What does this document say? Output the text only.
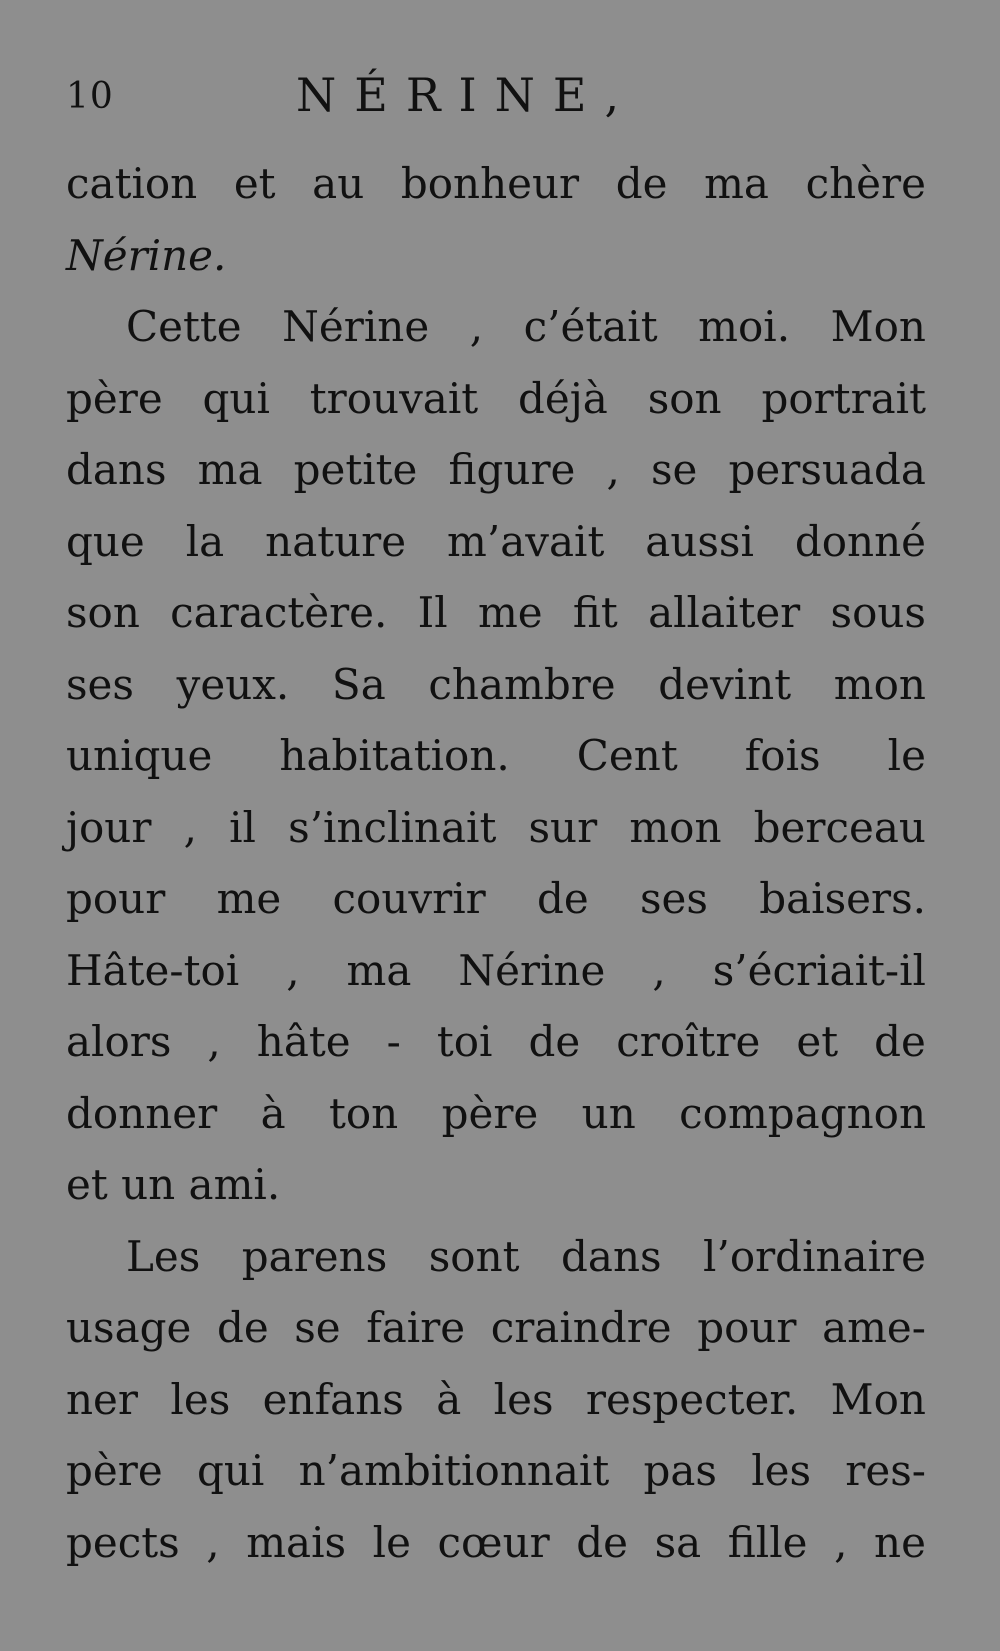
10	NÉRINE,
cation et au bonheur de ma chère
Nérine.
Cette Nérine , c’était moi. Mon
père qui trouvait déjà son portrait
dans ma petite figure , se persuada
que la nature m’avait aussi donné
son caractère. Il me fit allaiter sous
ses yeux. Sa chambre devint mon
unique habitation. Cent fois le
jour , il s’inclinait sur mon berceau
pour me couvrir de ses baisers.
Hâte-toi , ma Nérine , s’écriait-il
alors , hâte - toi de croître et de
donner à ton père un compagnon
et un ami.
Les parens sont dans l’ordinaire
usage de se faire craindre pour ame-
ner les enfans à les respecter. Mon
père qui n’ambitionnait pas les res-
pects , mais le cœur de sa fille , ne
